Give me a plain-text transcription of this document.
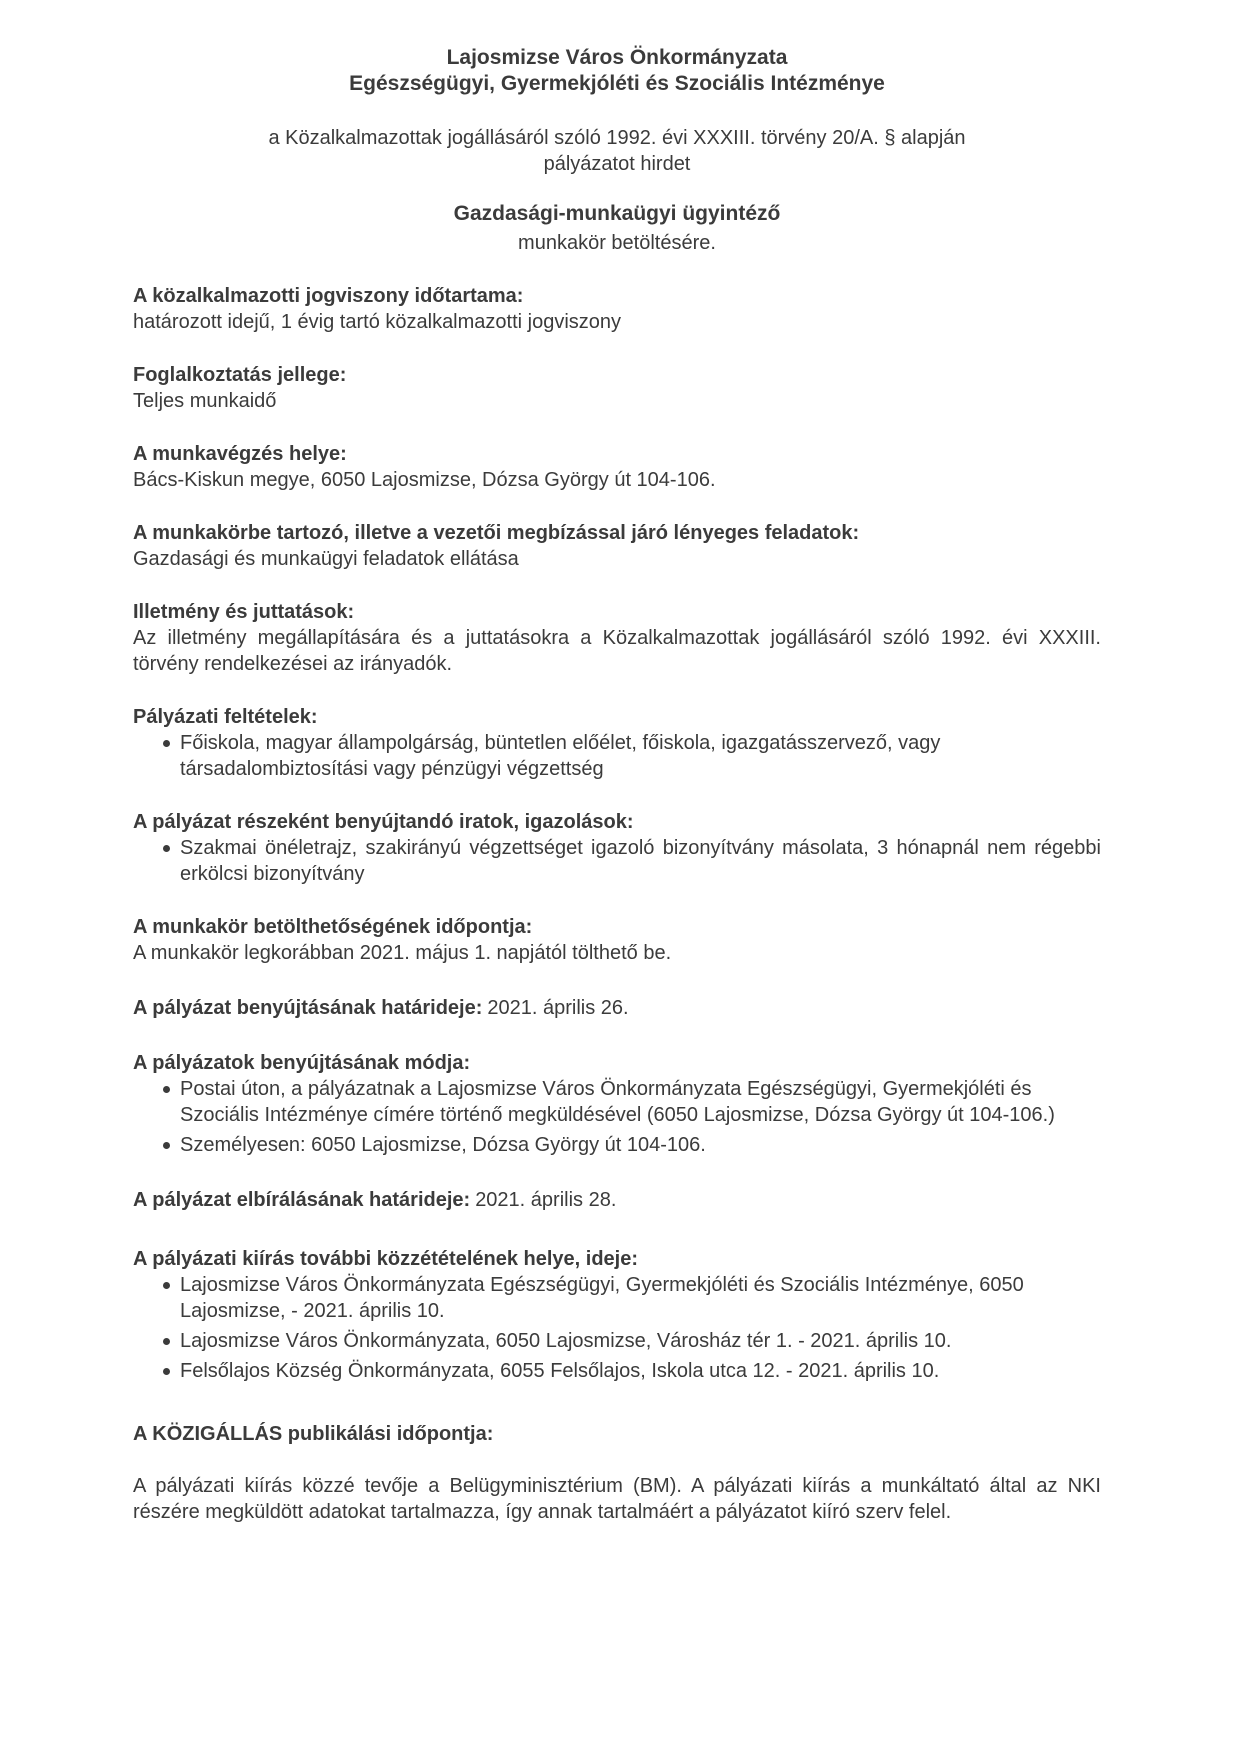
Lajosmizse Város Önkormányzata
Egészségügyi, Gyermekjóléti és Szociális Intézménye
a Közalkalmazottak jogállásáról szóló 1992. évi XXXIII. törvény 20/A. § alapján
pályázatot hirdet
Gazdasági-munkaügyi ügyintéző
munkakör betöltésére.
A közalkalmazotti jogviszony időtartama:

határozott idejű, 1 évig tartó közalkalmazotti jogviszony

Foglalkoztatás jellege:

Teljes munkaidő

A munkavégzés helye:

Bács-Kiskun megye, 6050 Lajosmizse, Dózsa György út 104-106.

A munkakörbe tartozó, illetve a vezetői megbízással járó lényeges feladatok:

Gazdasági és munkaügyi feladatok ellátása

Illetmény és juttatások:

Az illetmény megállapítására és a juttatásokra a Közalkalmazottak jogállásáról szóló 1992. évi XXXIII. törvény rendelkezései az irányadók.

Pályázati feltételek:
Főiskola, magyar állampolgárság, büntetlen előélet, főiskola, igazgatásszervező, vagy társadalombiztosítási vagy pénzügyi végzettség
A pályázat részeként benyújtandó iratok, igazolások:
Szakmai önéletrajz, szakirányú végzettséget igazoló bizonyítvány másolata, 3 hónapnál nem régebbi erkölcsi bizonyítvány
A munkakör betölthetőségének időpontja:

A munkakör legkorábban 2021. május 1. napjától tölthető be.

A pályázat benyújtásának határideje: 2021. április 26.
A pályázatok benyújtásának módja:
Postai úton, a pályázatnak a Lajosmizse Város Önkormányzata Egészségügyi, Gyermekjóléti és Szociális Intézménye címére történő megküldésével (6050 Lajosmizse, Dózsa György út 104-106.)
Személyesen: 6050 Lajosmizse, Dózsa György út 104-106.
A pályázat elbírálásának határideje: 2021. április 28.
A pályázati kiírás további közzétételének helye, ideje:
Lajosmizse Város Önkormányzata Egészségügyi, Gyermekjóléti és Szociális Intézménye, 6050 Lajosmizse, - 2021. április 10.
Lajosmizse Város Önkormányzata, 6050 Lajosmizse, Városház tér 1. - 2021. április 10.
Felsőlajos Község Önkormányzata, 6055 Felsőlajos, Iskola utca 12. - 2021. április 10.
A KÖZIGÁLLÁS publikálási időpontja:

A pályázati kiírás közzé tevője a Belügyminisztérium (BM). A pályázati kiírás a munkáltató által az NKI részére megküldött adatokat tartalmazza, így annak tartalmáért a pályázatot kiíró szerv felel.
